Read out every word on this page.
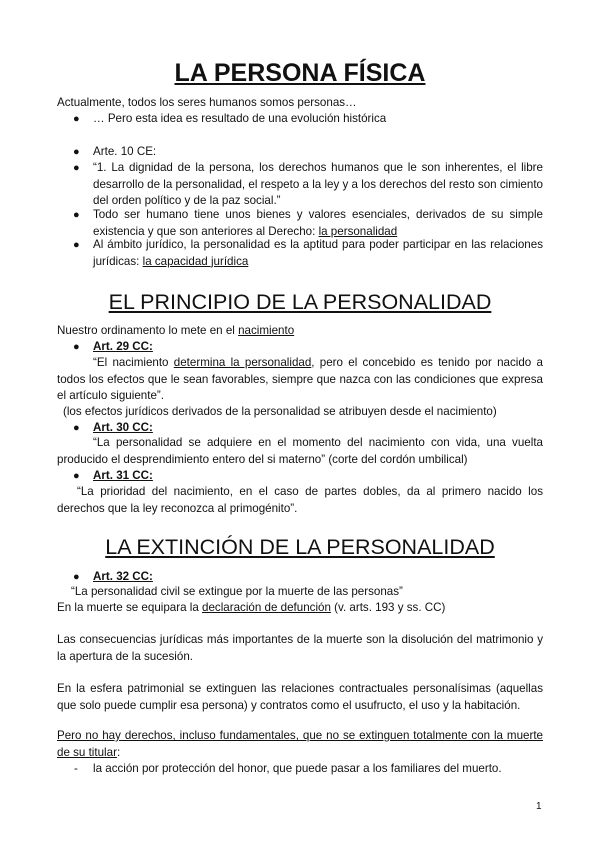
LA PERSONA FÍSICA

Actualmente, todos los seres humanos somos personas…

● … Pero esta idea es resultado de una evolución histórica

● Arte. 10 CE:

● “1. La dignidad de la persona, los derechos humanos que le son inherentes, el libre desarrollo de la personalidad, el respeto a la ley y a los derechos del resto son cimiento del orden político y de la paz social.”

● Todo ser humano tiene unos bienes y valores esenciales, derivados de su simple existencia y que son anteriores al Derecho: la personalidad

● Al ámbito jurídico, la personalidad es la aptitud para poder participar en las relaciones jurídicas: la capacidad jurídica

EL PRINCIPIO DE LA PERSONALIDAD

Nuestro ordinamento lo mete en el nacimiento

● Art. 29 CC:

“El nacimiento determina la personalidad, pero el concebido es tenido por nacido a todos los efectos que le sean favorables, siempre que nazca con las condiciones que expresa el artículo siguiente”.

(los efectos jurídicos derivados de la personalidad se atribuyen desde el nacimiento)

● Art. 30 CC:

“La personalidad se adquiere en el momento del nacimiento con vida, una vuelta producido el desprendimiento entero del si materno” (corte del cordón umbilical)

● Art. 31 CC:

“La prioridad del nacimiento, en el caso de partes dobles, da al primero nacido los derechos que la ley reconozca al primogénito”.

LA EXTINCIÓN DE LA PERSONALIDAD
● Art. 32 CC:

“La personalidad civil se extingue por la muerte de las personas”

En la muerte se equipara la declaración de defunción (v. arts. 193 y ss. CC)

Las consecuencias jurídicas más importantes de la muerte son la disolución del matrimonio y la apertura de la sucesión.

En la esfera patrimonial se extinguen las relaciones contractuales personalísimas (aquellas que solo puede cumplir esa persona) y contratos como el usufructo, el uso y la habitación.

Pero no hay derechos, incluso fundamentales, que no se extinguen totalmente con la muerte de su titular:

- la acción por protección del honor, que puede pasar a los familiares del muerto.

1
